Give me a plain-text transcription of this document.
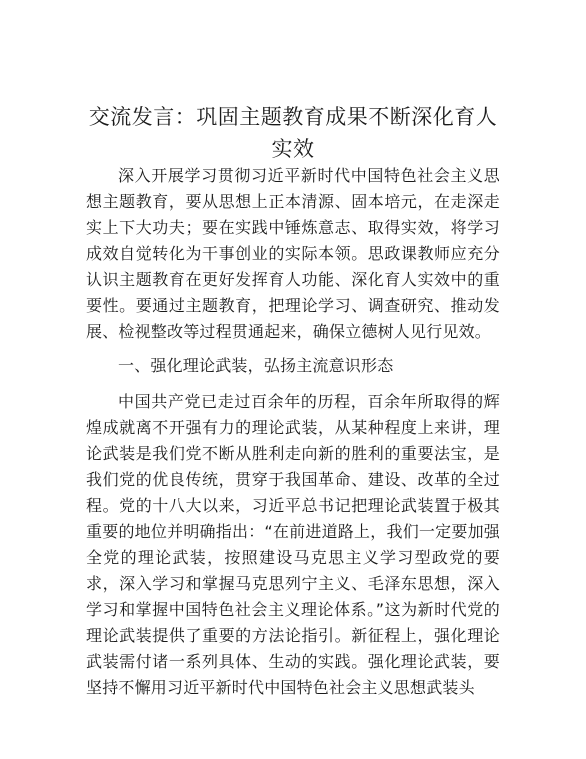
交流发言：巩固主题教育成果不断深化育人实效

深入开展学习贯彻习近平新时代中国特色社会主义思想主题教育，要从思想上正本清源、固本培元，在走深走实上下大功夫；要在实践中锤炼意志、取得实效，将学习成效自觉转化为干事创业的实际本领。思政课教师应充分认识主题教育在更好发挥育人功能、深化育人实效中的重要性。要通过主题教育，把理论学习、调查研究、推动发展、检视整改等过程贯通起来，确保立德树人见行见效。

一、强化理论武装，弘扬主流意识形态

中国共产党已走过百余年的历程，百余年所取得的辉煌成就离不开强有力的理论武装，从某种程度上来讲，理论武装是我们党不断从胜利走向新的胜利的重要法宝，是我们党的优良传统，贯穿于我国革命、建设、改革的全过程。党的十八大以来，习近平总书记把理论武装置于极其重要的地位并明确指出：“在前进道路上，我们一定要加强全党的理论武装，按照建设马克思主义学习型政党的要求，深入学习和掌握马克思列宁主义、毛泽东思想，深入学习和掌握中国特色社会主义理论体系。”这为新时代党的理论武装提供了重要的方法论指引。新征程上，强化理论武装需付诸一系列具体、生动的实践。强化理论武装，要坚持不懈用习近平新时代中国特色社会主义思想武装头
